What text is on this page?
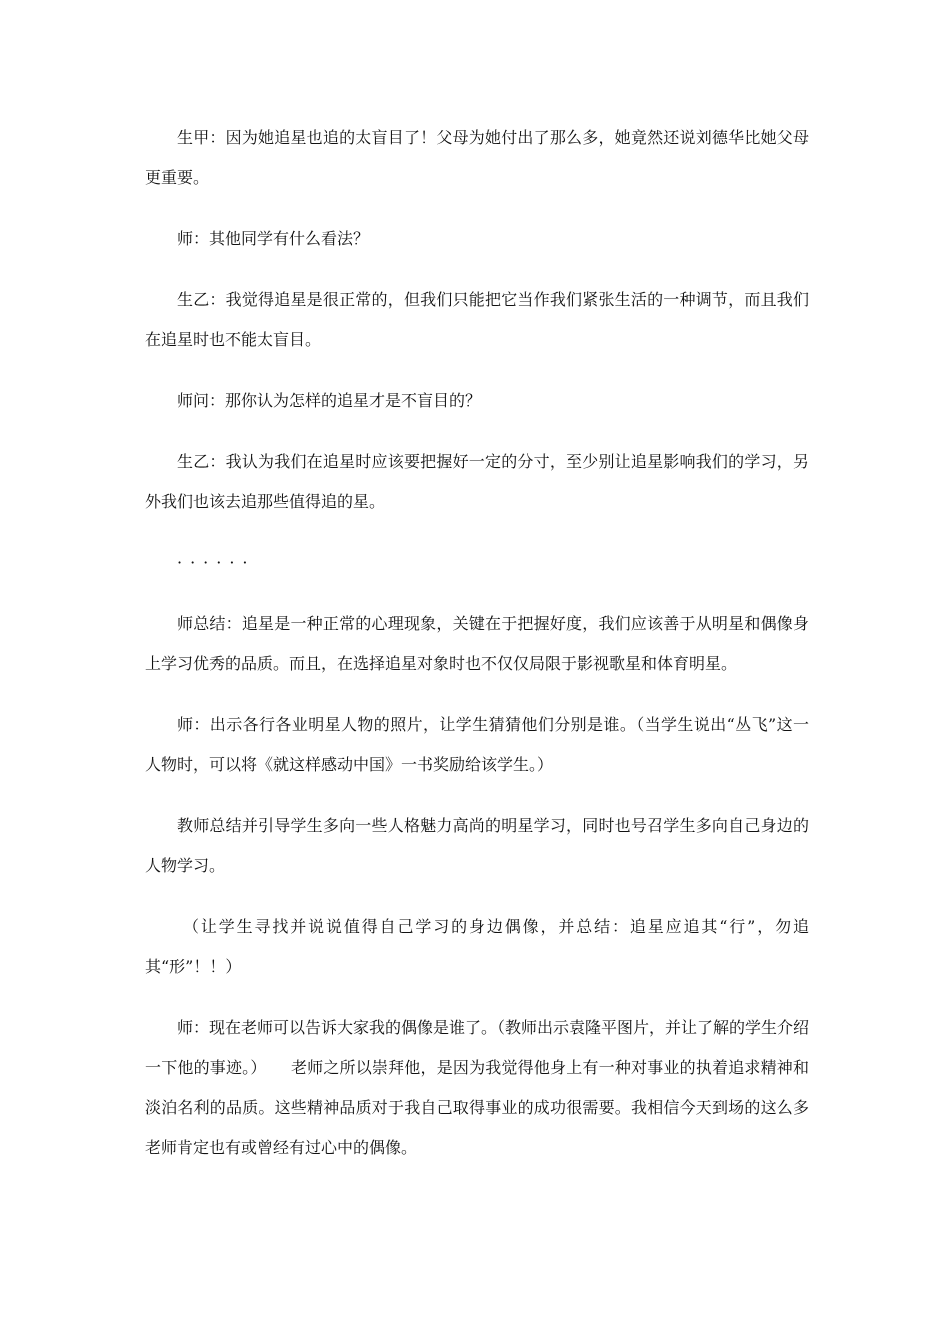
生甲：因为她追星也追的太盲目了！父母为她付出了那么多，她竟然还说刘德华比她父母更重要。

师：其他同学有什么看法？

生乙：我觉得追星是很正常的，但我们只能把它当作我们紧张生活的一种调节，而且我们在追星时也不能太盲目。

师问：那你认为怎样的追星才是不盲目的？

生乙：我认为我们在追星时应该要把握好一定的分寸，至少别让追星影响我们的学习，另外我们也该去追那些值得追的星。

······

师总结：追星是一种正常的心理现象，关键在于把握好度，我们应该善于从明星和偶像身上学习优秀的品质。而且，在选择追星对象时也不仅仅局限于影视歌星和体育明星。

师：出示各行各业明星人物的照片，让学生猜猜他们分别是谁。（当学生说出“丛飞”这一人物时，可以将《就这样感动中国》一书奖励给该学生。）

教师总结并引导学生多向一些人格魅力高尚的明星学习，同时也号召学生多向自己身边的人物学习。

（让学生寻找并说说值得自己学习的身边偶像，并总结：追星应追其“行”，勿追其“形”！！）

师：现在老师可以告诉大家我的偶像是谁了。（教师出示袁隆平图片，并让了解的学生介绍一下他的事迹。）　　老师之所以崇拜他，是因为我觉得他身上有一种对事业的执着追求精神和淡泊名利的品质。这些精神品质对于我自己取得事业的成功很需要。我相信今天到场的这么多老师肯定也有或曾经有过心中的偶像。
